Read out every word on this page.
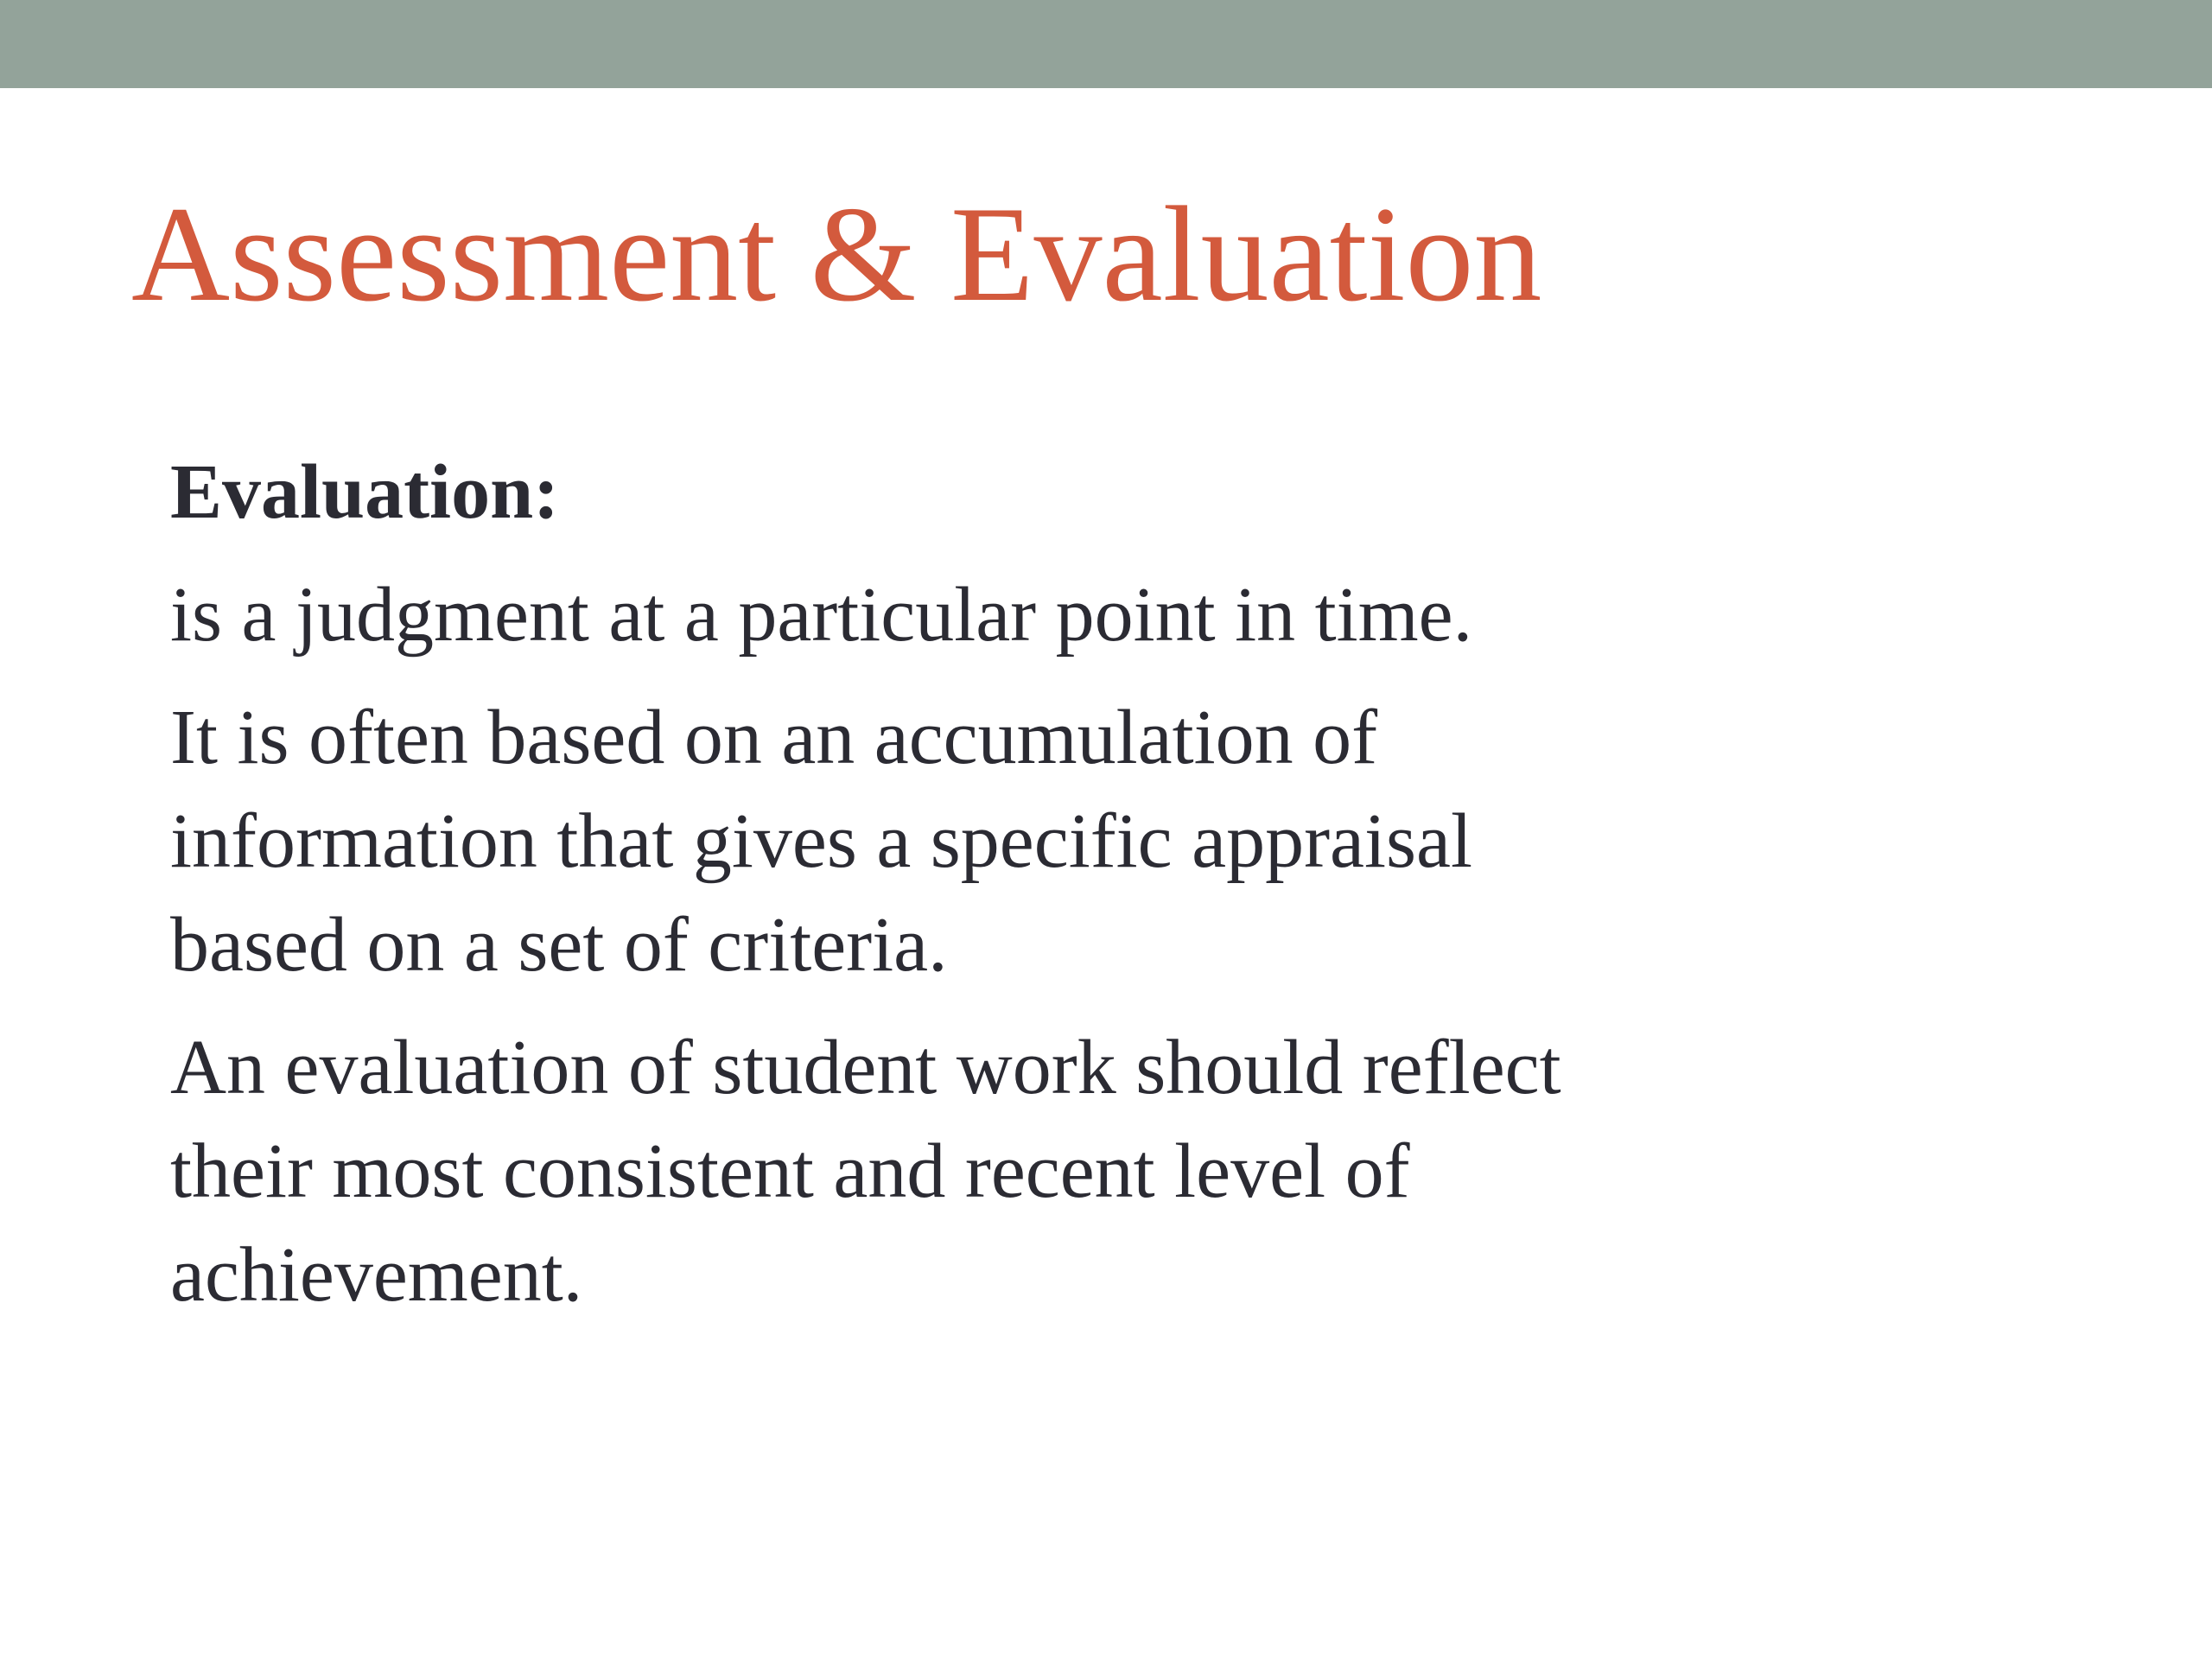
Assessment & Evaluation

Evaluation:

is a judgment at a particular point in time.

It is often based on an accumulation of
information that gives a specific appraisal
based on a set of criteria.

An evaluation of student work should reflect
their most consistent and recent level of
achievement.
